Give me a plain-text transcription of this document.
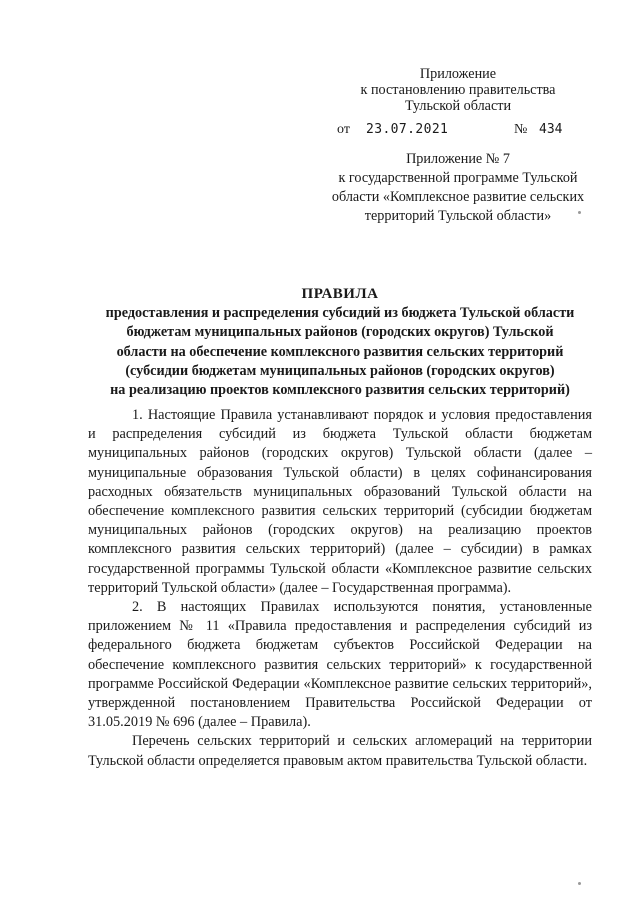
Приложение
к постановлению правительства
Тульской области
от 23.07.2021	№ 434
Приложение № 7
к государственной программе Тульской
области «Комплексное развитие сельских
территорий Тульской области»
ПРАВИЛА
предоставления и распределения субсидий из бюджета Тульской области
бюджетам муниципальных районов (городских округов) Тульской
области на обеспечение комплексного развития сельских территорий
(субсидии бюджетам муниципальных районов (городских округов)
на реализацию проектов комплексного развития сельских территорий)

1. Настоящие Правила устанавливают порядок и условия предоставления и распределения субсидий из бюджета Тульской области бюджетам муниципальных районов (городских округов) Тульской области (далее – муниципальные образования Тульской области) в целях софинансирования расходных обязательств муниципальных образований Тульской области на обеспечение комплексного развития сельских территорий (субсидии бюджетам муниципальных районов (городских округов) на реализацию проектов комплексного развития сельских территорий) (далее – субсидии) в рамках государственной программы Тульской области «Комплексное развитие сельских территорий Тульской области» (далее – Государственная программа).

2. В настоящих Правилах используются понятия, установленные приложением № 11 «Правила предоставления и распределения субсидий из федерального бюджета бюджетам субъектов Российской Федерации на обеспечение комплексного развития сельских территорий» к государственной программе Российской Федерации «Комплексное развитие сельских территорий», утвержденной постановлением Правительства Российской Федерации от 31.05.2019 № 696 (далее – Правила).

Перечень сельских территорий и сельских агломераций на территории Тульской области определяется правовым актом правительства Тульской области.
